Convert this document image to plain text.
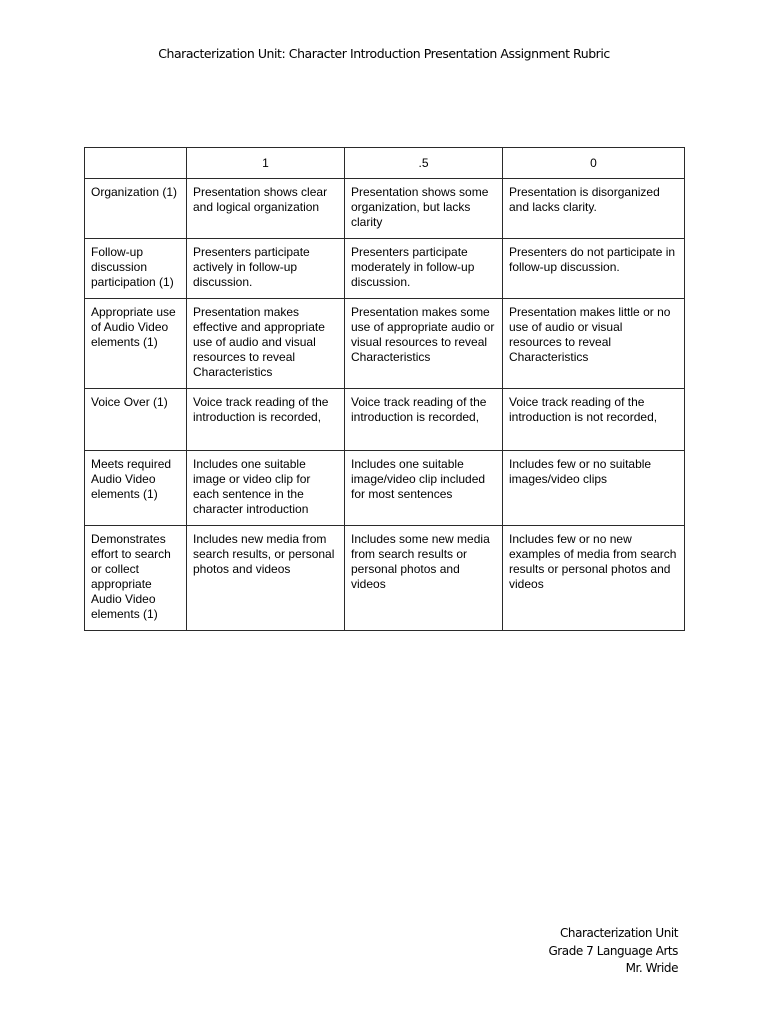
Characterization Unit: Character Introduction Presentation Assignment Rubric
	1	.5	0
Organization (1)	Presentation shows clear and logical organization	Presentation shows some organization, but lacks clarity	Presentation is disorganized and lacks clarity.
Follow-up discussion participation (1)	Presenters participate actively in follow-up discussion.	Presenters participate moderately in follow-up discussion.	Presenters do not participate in follow-up discussion.
Appropriate use of Audio Video elements (1)	Presentation makes effective and appropriate use of audio and visual resources to reveal Characteristics	Presentation makes some use of appropriate audio or visual resources to reveal Characteristics	Presentation makes little or no use of audio or visual resources to reveal Characteristics
Voice Over (1)	Voice track reading of the introduction is recorded,	Voice track reading of the introduction is recorded,	Voice track reading of the introduction is not recorded,
Meets required Audio Video elements (1)	Includes one suitable image or video clip for each sentence in the character introduction	Includes one suitable image/video clip included for most sentences	Includes few or no suitable images/video clips
Demonstrates effort to search or collect appropriate Audio Video elements (1)	Includes new media from search results, or personal photos and videos	Includes some new media from search results or personal photos and videos	Includes few or no new examples of media from search results or personal photos and videos
Characterization Unit
Grade 7 Language Arts
Mr. Wride
